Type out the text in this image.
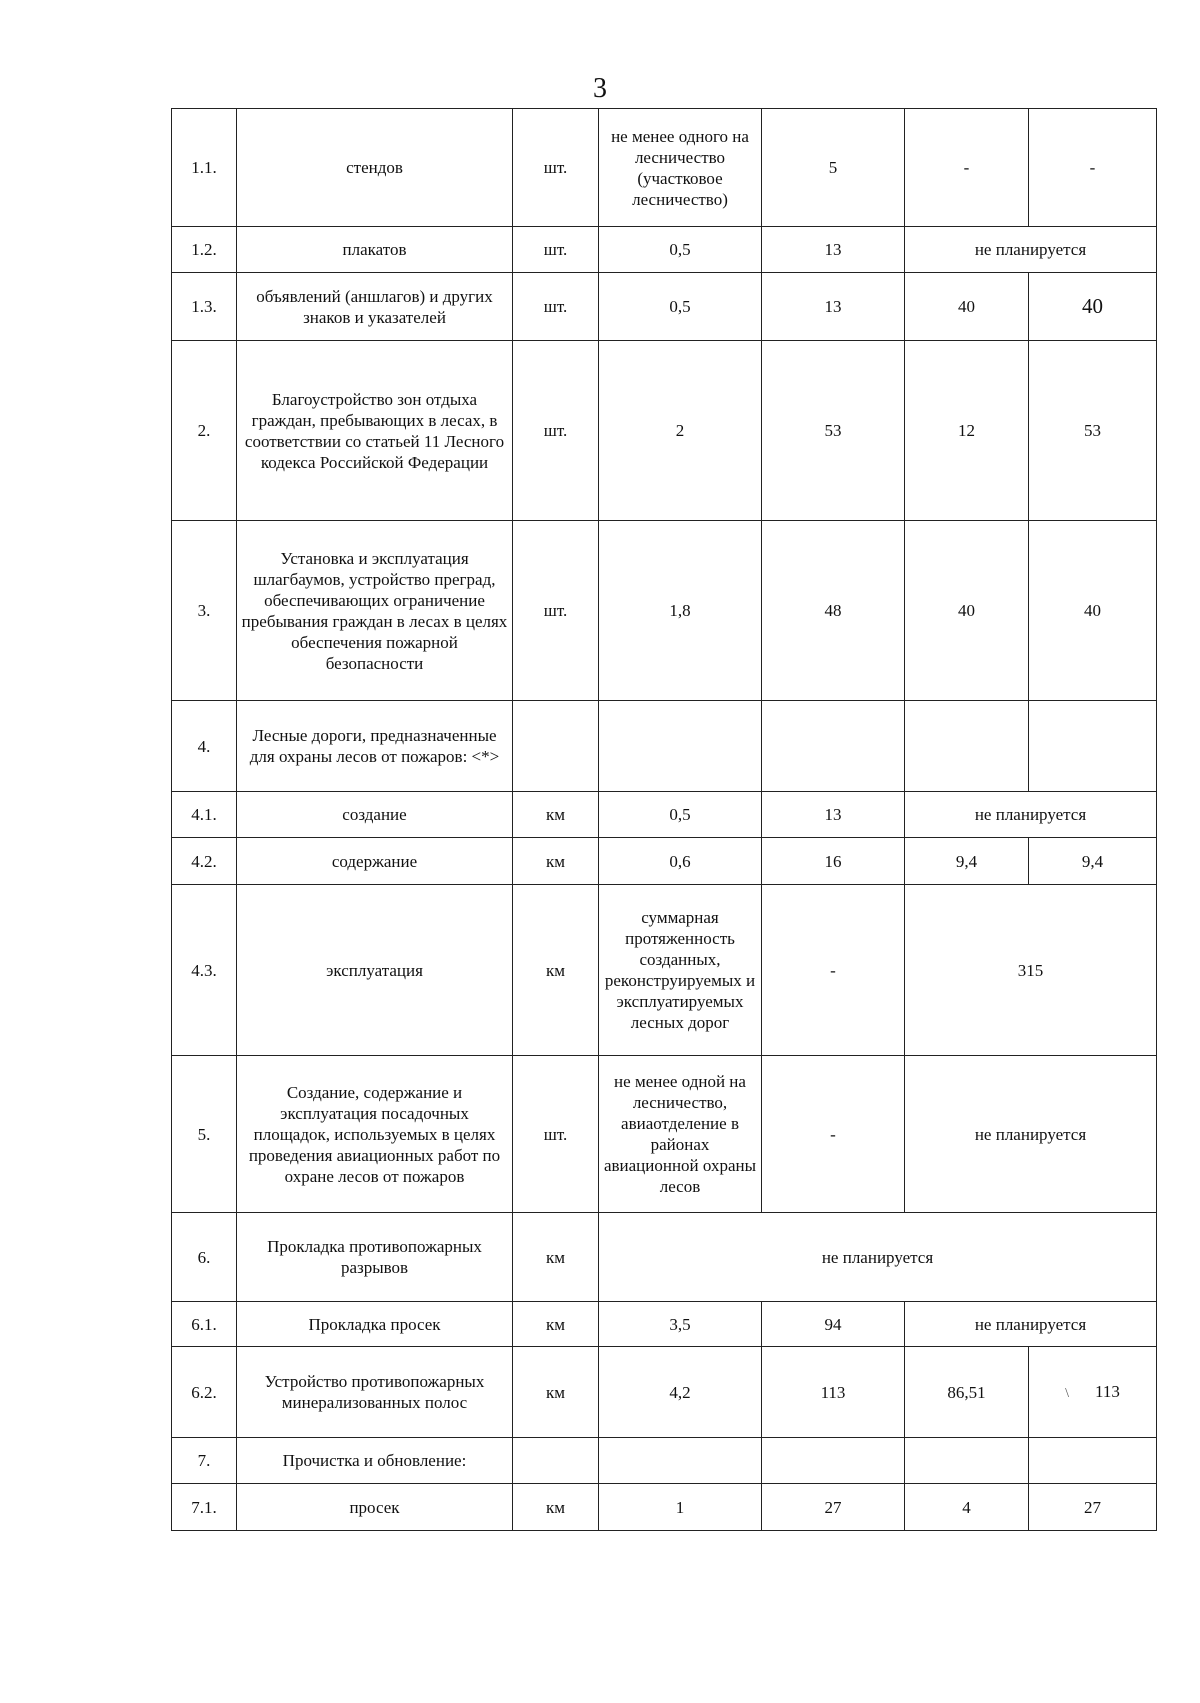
3
1.1.	стендов	шт.	не менее одного на лесничество (участковое лесничество)	5	-	-
1.2.	плакатов	шт.	0,5	13	не планируется	
1.3.	объявлений (аншлагов) и других знаков и указателей	шт.	0,5	13	40	40
2.	Благоустройство зон отдыха граждан, пребывающих в лесах, в соответствии со статьей 11 Лесного кодекса Российской Федерации	шт.	2	53	12	53
3.	Установка и эксплуатация шлагбаумов, устройство преград, обеспечивающих ограничение пребывания граждан в лесах в целях обеспечения пожарной безопасности	шт.	1,8	48	40	40
4.	Лесные дороги, предназначенные для охраны лесов от пожаров: <*>					
4.1.	создание	км	0,5	13	не планируется	
4.2.	содержание	км	0,6	16	9,4	9,4
4.3.	эксплуатация	км	суммарная протяженность созданных, реконструируемых и эксплуатируемых лесных дорог	-	315	
5.	Создание, содержание и эксплуатация посадочных площадок, используемых в целях проведения авиационных работ по охране лесов от пожаров	шт.	не менее одной на лесничество, авиаотделение в районах авиационной охраны лесов	-	не планируется	
6.	Прокладка противопожарных разрывов	км	не планируется			
6.1.	Прокладка просек	км	3,5	94	не планируется	
6.2.	Устройство противопожарных минерализованных полос	км	4,2	113	86,51	\ 113
7.	Прочистка и обновление:					
7.1.	просек	км	1	27	4	27
